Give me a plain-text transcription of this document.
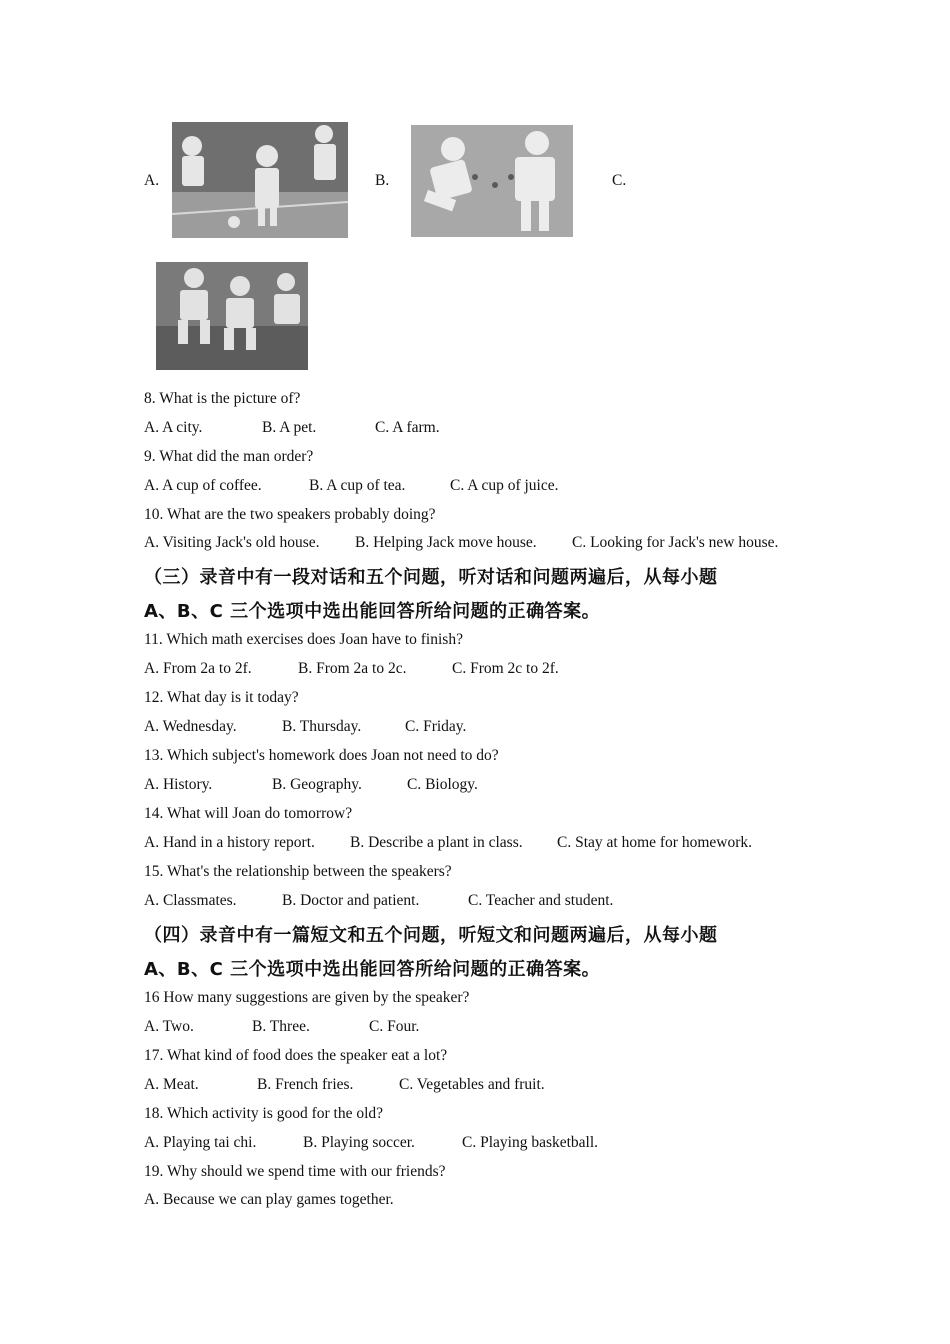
A.	B.	C.
8. What is the picture of?
A. A city.	B. A pet.	C. A farm.
9. What did the man order?
A. A cup of coffee.	B. A cup of tea.	C. A cup of juice.
10. What are the two speakers probably doing?
A. Visiting Jack's old house. B. Helping Jack move house. C. Looking for Jack's new house.
（三）录音中有一段对话和五个问题，听对话和问题两遍后，从每小题
A、B、C 三个选项中选出能回答所给问题的正确答案。
11. Which math exercises does Joan have to finish?
A. From 2a to 2f.	B. From 2a to 2c.	C. From 2c to 2f.
12. What day is it today?
A. Wednesday.	B. Thursday.	C. Friday.
13. Which subject's homework does Joan not need to do?
A. History.	B. Geography.	C. Biology.
14. What will Joan do tomorrow?
A. Hand in a history report. B. Describe a plant in class. C. Stay at home for homework.
15. What's the relationship between the speakers?
A. Classmates.	B. Doctor and patient.	C. Teacher and student.
（四）录音中有一篇短文和五个问题，听短文和问题两遍后，从每小题
A、B、C 三个选项中选出能回答所给问题的正确答案。
16 How many suggestions are given by the speaker?
A. Two.	B. Three.	C. Four.
17. What kind of food does the speaker eat a lot?
A. Meat.	B. French fries.	C. Vegetables and fruit.
18. Which activity is good for the old?
A. Playing tai chi.	B. Playing soccer.	C. Playing basketball.
19. Why should we spend time with our friends?
A. Because we can play games together.
